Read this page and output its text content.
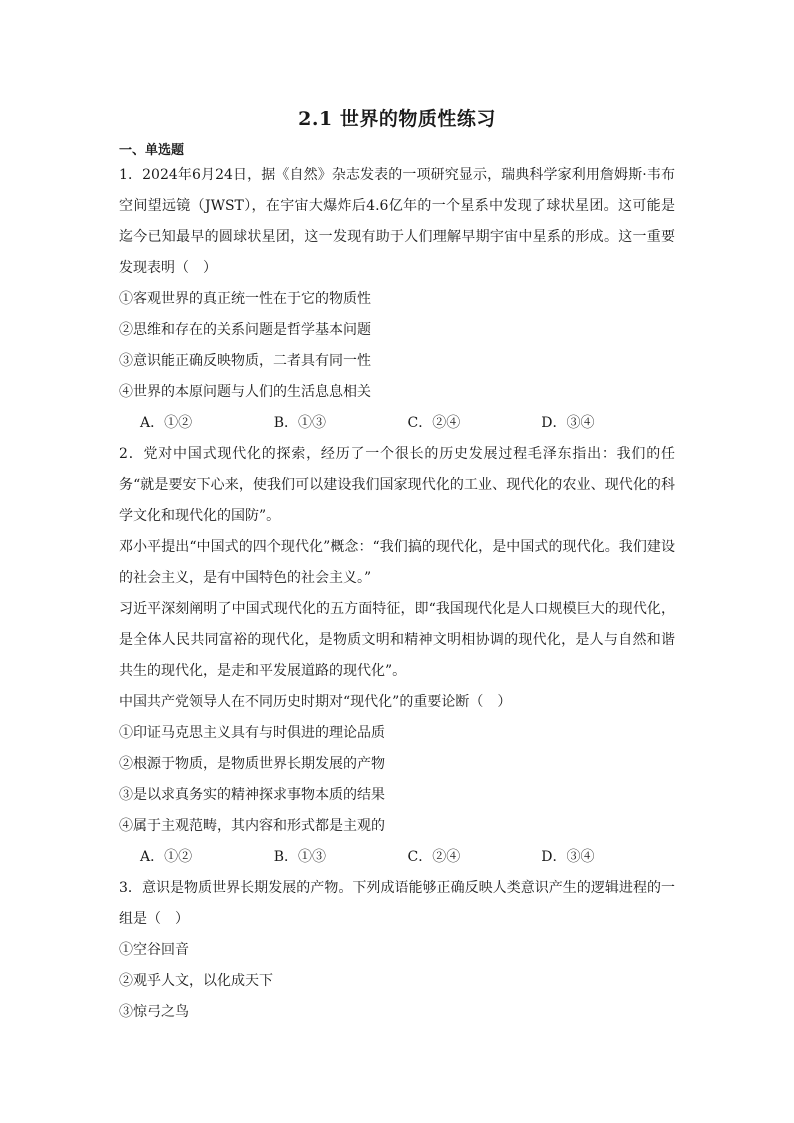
2.1 世界的物质性练习
一、单选题

1．2024年6月24日，据《自然》杂志发表的一项研究显示，瑞典科学家利用詹姆斯·韦布空间望远镜（JWST），在宇宙大爆炸后4.6亿年的一个星系中发现了球状星团。这可能是迄今已知最早的圆球状星团，这一发现有助于人们理解早期宇宙中星系的形成。这一重要发现表明（　）

①客观世界的真正统一性在于它的物质性

②思维和存在的关系问题是哲学基本问题

③意识能正确反映物质，二者具有同一性

④世界的本原问题与人们的生活息息相关

A．①②	B．①③	C．②④	D．③④

2．党对中国式现代化的探索，经历了一个很长的历史发展过程毛泽东指出：我们的任务“就是要安下心来，使我们可以建设我们国家现代化的工业、现代化的农业、现代化的科学文化和现代化的国防”。

邓小平提出“中国式的四个现代化”概念：“我们搞的现代化，是中国式的现代化。我们建设的社会主义，是有中国特色的社会主义。”

习近平深刻阐明了中国式现代化的五方面特征，即“我国现代化是人口规模巨大的现代化，是全体人民共同富裕的现代化，是物质文明和精神文明相协调的现代化，是人与自然和谐共生的现代化，是走和平发展道路的现代化”。

中国共产党领导人在不同历史时期对“现代化”的重要论断（　）

①印证马克思主义具有与时俱进的理论品质

②根源于物质，是物质世界长期发展的产物

③是以求真务实的精神探求事物本质的结果

④属于主观范畴，其内容和形式都是主观的

A．①②	B．①③	C．②④	D．③④

3．意识是物质世界长期发展的产物。下列成语能够正确反映人类意识产生的逻辑进程的一组是（　）

①空谷回音

②观乎人文，以化成天下

③惊弓之鸟
